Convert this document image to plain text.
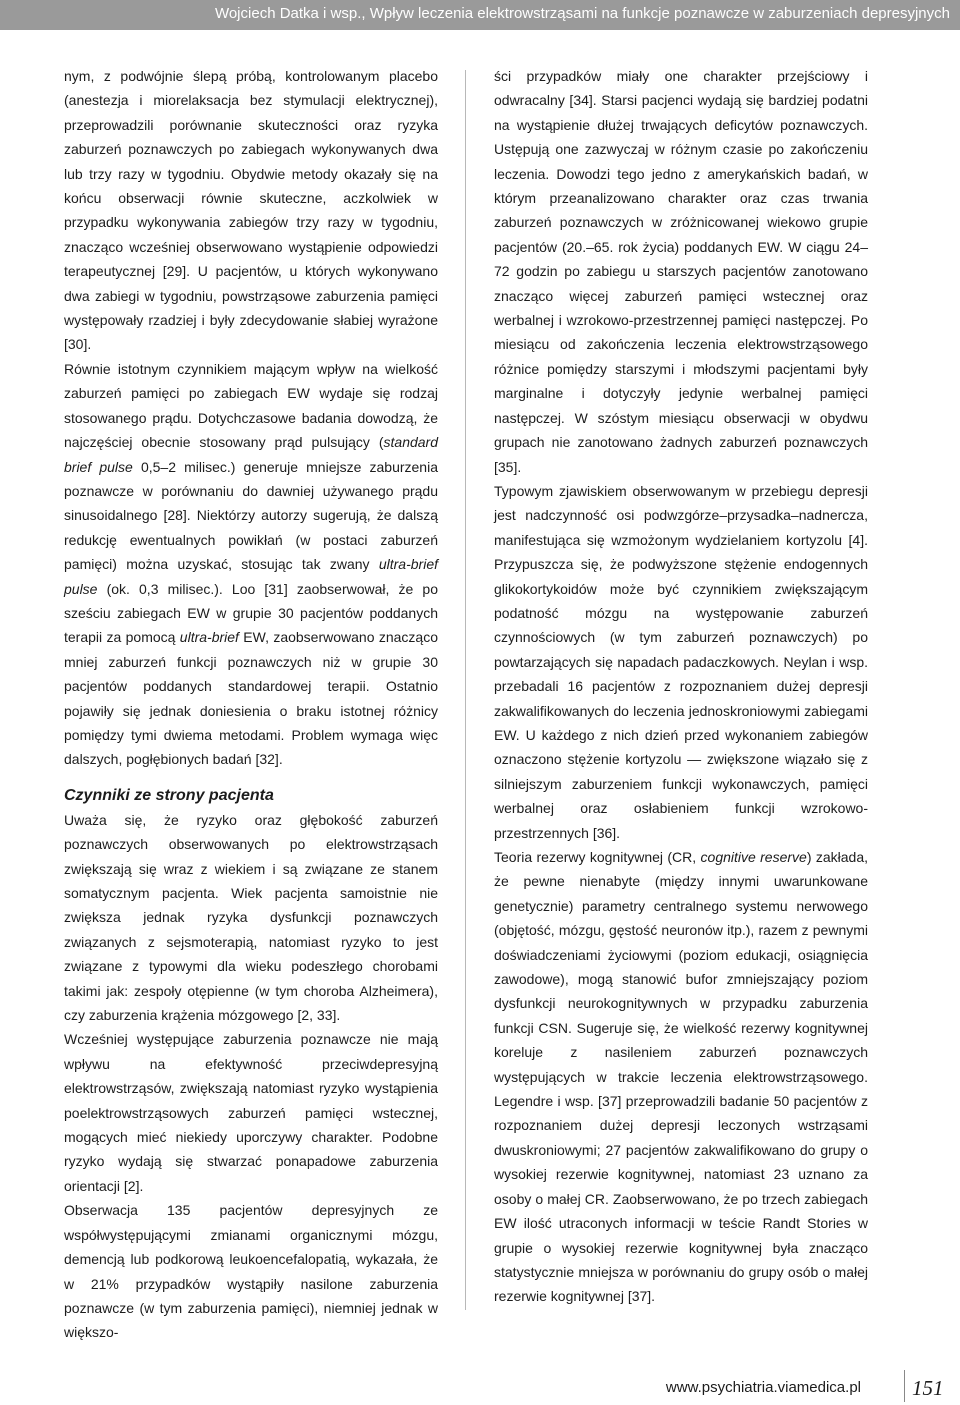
Wojciech Datka i wsp., Wpływ leczenia elektrowstrząsami na funkcje poznawcze w zaburzeniach depresyjnych

nym, z podwójnie ślepą próbą, kontrolowanym placebo (anestezja i miorelaksacja bez stymulacji elektrycznej), przeprowadzili porównanie skuteczności oraz ryzyka zaburzeń poznawczych po zabiegach wykonywanych dwa lub trzy razy w tygodniu. Obydwie metody okazały się na końcu obserwacji równie skuteczne, aczkolwiek w przypadku wykonywania zabiegów trzy razy w tygodniu, znacząco wcześniej obserwowano wystąpienie odpowiedzi terapeutycznej [29]. U pacjentów, u których wykonywano dwa zabiegi w tygodniu, powstrząsowe zaburzenia pamięci występowały rzadziej i były zdecydowanie słabiej wyrażone [30].

Równie istotnym czynnikiem mającym wpływ na wielkość zaburzeń pamięci po zabiegach EW wydaje się rodzaj stosowanego prądu. Dotychczasowe badania dowodzą, że najczęściej obecnie stosowany prąd pulsujący (standard brief pulse 0,5–2 milisec.) generuje mniejsze zaburzenia poznawcze w porównaniu do dawniej używanego prądu sinusoidalnego [28]. Niektórzy autorzy sugerują, że dalszą redukcję ewentualnych powikłań (w postaci zaburzeń pamięci) można uzyskać, stosując tak zwany ultra-brief pulse (ok. 0,3 milisec.). Loo [31] zaobserwował, że po sześciu zabiegach EW w grupie 30 pacjentów poddanych terapii za pomocą ultra-brief EW, zaobserwowano znacząco mniej zaburzeń funkcji poznawczych niż w grupie 30 pacjentów poddanych standardowej terapii. Ostatnio pojawiły się jednak doniesienia o braku istotnej różnicy pomiędzy tymi dwiema metodami. Problem wymaga więc dalszych, pogłębionych badań [32].

Czynniki ze strony pacjenta

Uważa się, że ryzyko oraz głębokość zaburzeń poznawczych obserwowanych po elektrowstrząsach zwiększają się wraz z wiekiem i są związane ze stanem somatycznym pacjenta. Wiek pacjenta samoistnie nie zwiększa jednak ryzyka dysfunkcji poznawczych związanych z sejsmoterapią, natomiast ryzyko to jest związane z typowymi dla wieku podeszłego chorobami takimi jak: zespoły otępienne (w tym choroba Alzheimera), czy zaburzenia krążenia mózgowego [2, 33].

Wcześniej występujące zaburzenia poznawcze nie mają wpływu na efektywność przeciwdepresyjną elektrowstrząsów, zwiększają natomiast ryzyko wystąpienia poelektrowstrząsowych zaburzeń pamięci wstecznej, mogących mieć niekiedy uporczywy charakter. Podobne ryzyko wydają się stwarzać ponapadowe zaburzenia orientacji [2].

Obserwacja 135 pacjentów depresyjnych ze współwystępującymi zmianami organicznymi mózgu, demencją lub podkorową leukoencefalopatią, wykazała, że w 21% przypadków wystąpiły nasilone zaburzenia poznawcze (w tym zaburzenia pamięci), niemniej jednak w większo-

ści przypadków miały one charakter przejściowy i odwracalny [34]. Starsi pacjenci wydają się bardziej podatni na wystąpienie dłużej trwających deficytów poznawczych. Ustępują one zazwyczaj w różnym czasie po zakończeniu leczenia. Dowodzi tego jedno z amerykańskich badań, w którym przeanalizowano charakter oraz czas trwania zaburzeń poznawczych w zróżnicowanej wiekowo grupie pacjentów (20.–65. rok życia) poddanych EW. W ciągu 24–72 godzin po zabiegu u starszych pacjentów zanotowano znacząco więcej zaburzeń pamięci wstecznej oraz werbalnej i wzrokowo-przestrzennej pamięci następczej. Po miesiącu od zakończenia leczenia elektrowstrząsowego różnice pomiędzy starszymi i młodszymi pacjentami były marginalne i dotyczyły jedynie werbalnej pamięci następczej. W szóstym miesiącu obserwacji w obydwu grupach nie zanotowano żadnych zaburzeń poznawczych [35].

Typowym zjawiskiem obserwowanym w przebiegu depresji jest nadczynność osi podwzgórze–przysadka–nadnercza, manifestująca się wzmożonym wydzielaniem kortyzolu [4]. Przypuszcza się, że podwyższone stężenie endogennych glikokortykoidów może być czynnikiem zwiększającym podatność mózgu na występowanie zaburzeń czynnościowych (w tym zaburzeń poznawczych) po powtarzających się napadach padaczkowych. Neylan i wsp. przebadali 16 pacjentów z rozpoznaniem dużej depresji zakwalifikowanych do leczenia jednoskroniowymi zabiegami EW. U każdego z nich dzień przed wykonaniem zabiegów oznaczono stężenie kortyzolu — zwiększone wiązało się z silniejszym zaburzeniem funkcji wykonawczych, pamięci werbalnej oraz osłabieniem funkcji wzrokowo-przestrzennych [36].

Teoria rezerwy kognitywnej (CR, cognitive reserve) zakłada, że pewne nienabyte (między innymi uwarunkowane genetycznie) parametry centralnego systemu nerwowego (objętość, mózgu, gęstość neuronów itp.), razem z pewnymi doświadczeniami życiowymi (poziom edukacji, osiągnięcia zawodowe), mogą stanowić bufor zmniejszający poziom dysfunkcji neurokognitywnych w przypadku zaburzenia funkcji CSN. Sugeruje się, że wielkość rezerwy kognitywnej koreluje z nasileniem zaburzeń poznawczych występujących w trakcie leczenia elektrowstrząsowego. Legendre i wsp. [37] przeprowadzili badanie 50 pacjentów z rozpoznaniem dużej depresji leczonych wstrząsami dwuskroniowymi; 27 pacjentów zakwalifikowano do grupy o wysokiej rezerwie kognitywnej, natomiast 23 uznano za osoby o małej CR. Zaobserwowano, że po trzech zabiegach EW ilość utraconych informacji w teście Randt Stories w grupie o wysokiej rezerwie kognitywnej była znacząco statystycznie mniejsza w porównaniu do grupy osób o małej rezerwie kognitywnej [37].

www.psychiatria.viamedica.pl 151
